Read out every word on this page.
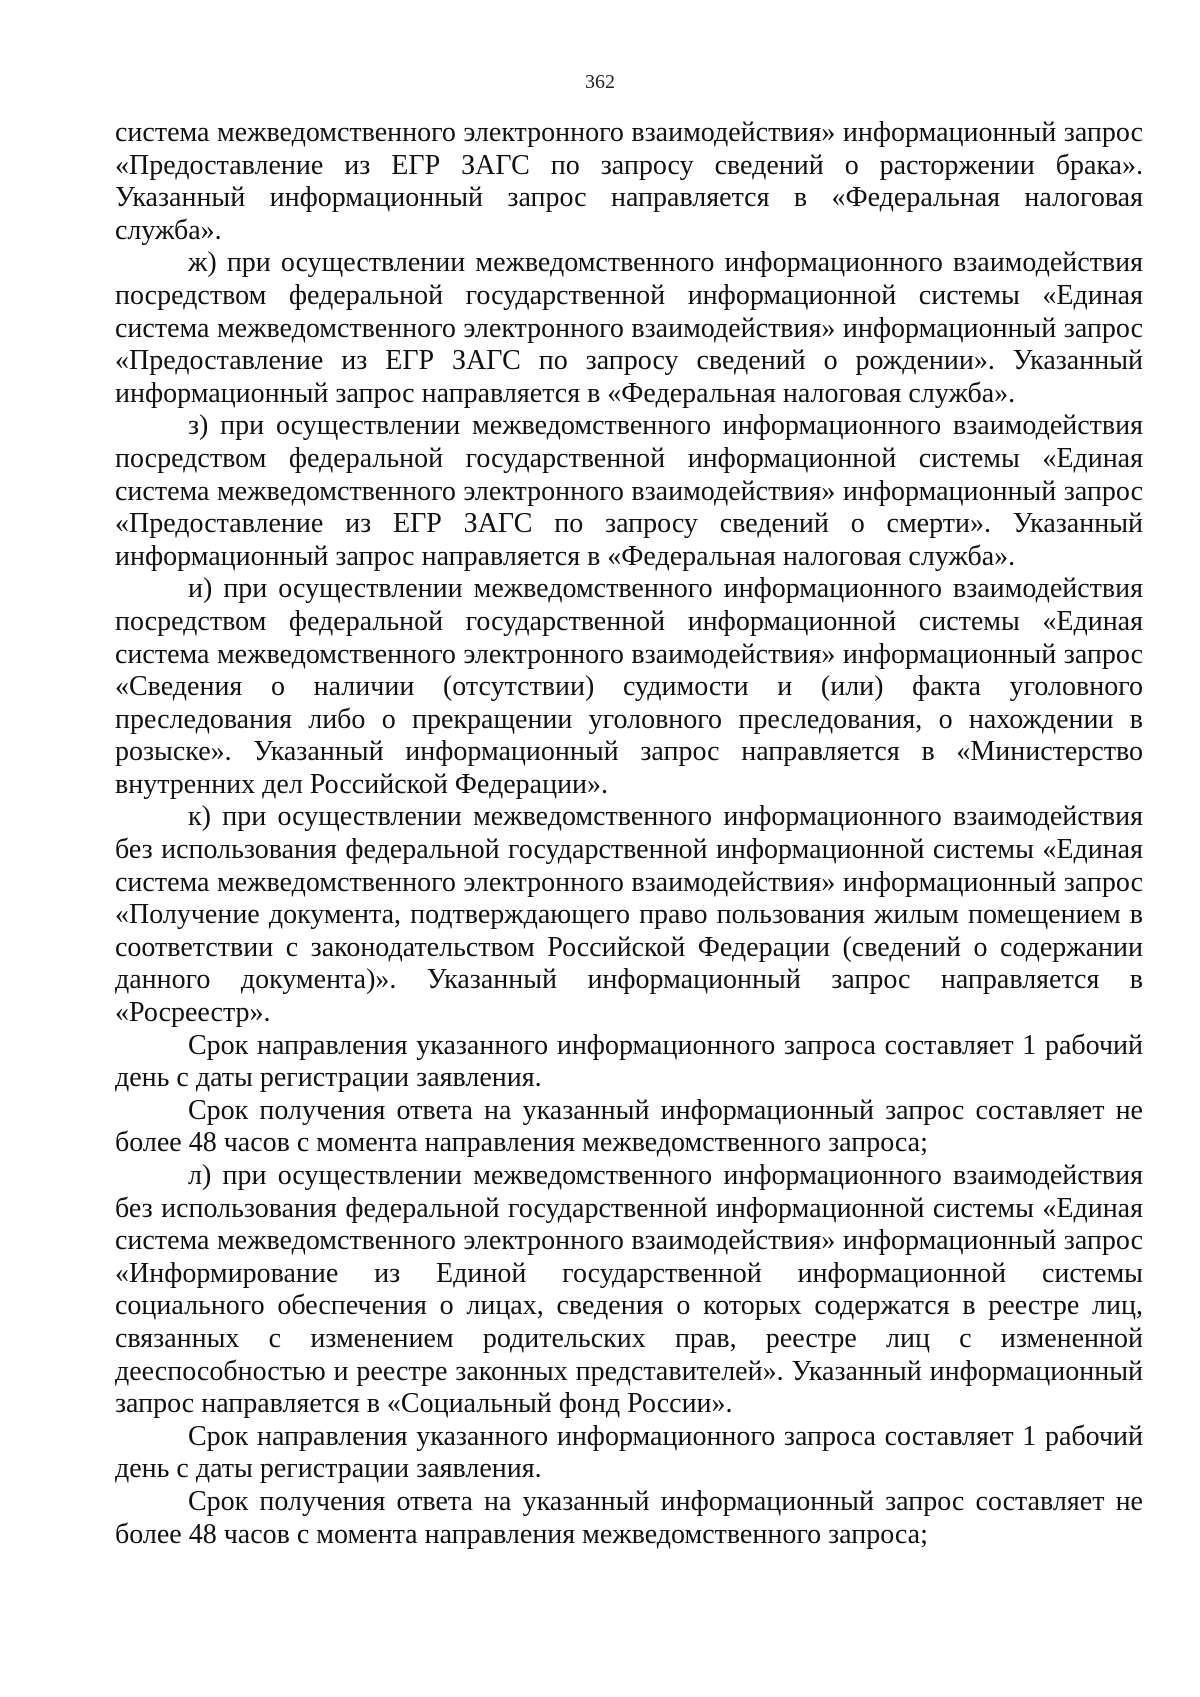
362

система межведомственного электронного взаимодействия» информационный запрос «Предоставление из ЕГР ЗАГС по запросу сведений о расторжении брака». Указанный информационный запрос направляется в «Федеральная налоговая служба».

ж) при осуществлении межведомственного информационного взаимодействия посредством федеральной государственной информационной системы «Единая система межведомственного электронного взаимодействия» информационный запрос «Предоставление из ЕГР ЗАГС по запросу сведений о рождении». Указанный информационный запрос направляется в «Федеральная налоговая служба».

з) при осуществлении межведомственного информационного взаимодействия посредством федеральной государственной информационной системы «Единая система межведомственного электронного взаимодействия» информационный запрос «Предоставление из ЕГР ЗАГС по запросу сведений о смерти». Указанный информационный запрос направляется в «Федеральная налоговая служба».

и) при осуществлении межведомственного информационного взаимодействия посредством федеральной государственной информационной системы «Единая система межведомственного электронного взаимодействия» информационный запрос «Сведения о наличии (отсутствии) судимости и (или) факта уголовного преследования либо о прекращении уголовного преследования, о нахождении в розыске». Указанный информационный запрос направляется в «Министерство внутренних дел Российской Федерации».

к) при осуществлении межведомственного информационного взаимодействия без использования федеральной государственной информационной системы «Единая система межведомственного электронного взаимодействия» информационный запрос «Получение документа, подтверждающего право пользования жилым помещением в соответствии с законодательством Российской Федерации (сведений о содержании данного документа)». Указанный информационный запрос направляется в «Росреестр».

Срок направления указанного информационного запроса составляет 1 рабочий день с даты регистрации заявления.

Срок получения ответа на указанный информационный запрос составляет не более 48 часов с момента направления межведомственного запроса;

л) при осуществлении межведомственного информационного взаимодействия без использования федеральной государственной информационной системы «Единая система межведомственного электронного взаимодействия» информационный запрос «Информирование из Единой государственной информационной системы социального обеспечения о лицах, сведения о которых содержатся в реестре лиц, связанных с изменением родительских прав, реестре лиц с измененной дееспособностью и реестре законных представителей». Указанный информационный запрос направляется в «Социальный фонд России».

Срок направления указанного информационного запроса составляет 1 рабочий день с даты регистрации заявления.

Срок получения ответа на указанный информационный запрос составляет не более 48 часов с момента направления межведомственного запроса;
